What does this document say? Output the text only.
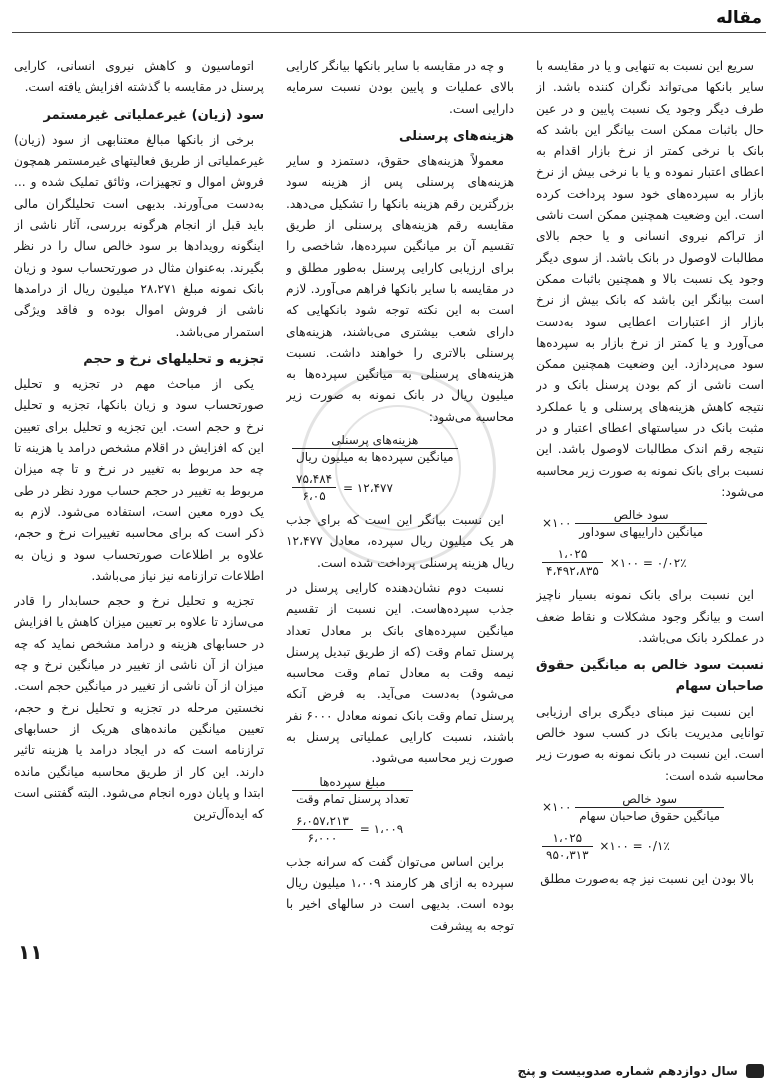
مقاله

سریع این نسبت به تنهایی و یا در مقایسه با سایر بانکها می‌تواند نگران کننده باشد. از طرف دیگر وجود یک نسبت پایین و در عین حال باثبات ممکن است بیانگر این باشد که بانک با نرخی کمتر از نرخ بازار اقدام به اعطای اعتبار نموده و یا با نرخی بیش از نرخ بازار به سپرده‌های خود سود پرداخت کرده است. این وضعیت همچنین ممکن است ناشی از تراکم نیروی انسانی و یا حجم بالای مطالبات لاوصول در بانک باشد. از سوی دیگر وجود یک نسبت بالا و همچنین باثبات ممکن است بیانگر این باشد که بانک بیش از نرخ بازار از اعتبارات اعطایی سود به‌دست می‌آورد و یا کمتر از نرخ بازار به سپرده‌ها سود می‌پردازد. این وضعیت همچنین ممکن است ناشی از کم بودن پرسنل بانک و در نتیجه کاهش هزینه‌های پرسنلی و یا عملکرد مثبت بانک در سیاستهای اعطای اعتبار و در نتیجه رقم اندک مطالبات لاوصول باشد. این نسبت برای بانک نمونه به صورت زیر محاسبه می‌شود:

×۱۰۰ $\frac{\text{سود خالص}}{\text{میانگین داراییهای سوداور}}$
$\frac{۱،۰۲۵}{۴،۴۹۲،۸۳۵}$ ×۱۰۰ = ۰/۰۲٪

این نسبت برای بانک نمونه بسیار ناچیز است و بیانگر وجود مشکلات و نقاط ضعف در عملکرد بانک می‌باشد.

نسبت سود خالص به میانگین حقوق صاحبان سهام

این نسبت نیز مبنای دیگری برای ارزیابی توانایی مدیریت بانک در کسب سود خالص است. این نسبت در بانک نمونه به صورت زیر محاسبه شده است:

×۱۰۰ $\frac{\text{سود خالص}}{\text{میانگین حقوق صاحبان سهام}}$
$\frac{۱،۰۲۵}{۹۵۰،۳۱۳}$ ×۱۰۰ = ۰/۱٪

بالا بودن این نسبت نیز چه به‌صورت مطلق

و چه در مقایسه با سایر بانکها بیانگر کارایی بالای عملیات و پایین بودن نسبت سرمایه دارایی است.

هزینه‌های پرسنلی

معمولاً هزینه‌های حقوق، دستمزد و سایر هزینه‌های پرسنلی پس از هزینه سود بزرگترین رقم هزینه بانکها را تشکیل می‌دهد. مقایسه رقم هزینه‌های پرسنلی از طریق تقسیم آن بر میانگین سپرده‌ها، شاخصی را برای ارزیابی کارایی پرسنل به‌طور مطلق و در مقایسه با سایر بانکها فراهم می‌آورد. لازم است به این نکته توجه شود بانکهایی که دارای شعب بیشتری می‌باشند، هزینه‌های پرسنلی بالاتری را خواهند داشت. نسبت هزینه‌های پرسنلی به میانگین سپرده‌ها به میلیون ریال در بانک نمونه به صورت زیر محاسبه می‌شود:

$\frac{\text{هزینه‌های پرسنلی}}{\text{میانگین سپرده‌ها به میلیون ریال}}$
$\frac{۷۵،۴۸۴}{۶،۰۵}$ = ۱۲،۴۷۷

این نسبت بیانگر این است که برای جذب هر یک میلیون ریال سپرده، معادل ۱۲،۴۷۷ ریال هزینه پرسنلی پرداخت شده است.

نسبت دوم نشان‌دهنده کارایی پرسنل در جذب سپرده‌هاست. این نسبت از تقسیم میانگین سپرده‌های بانک بر معادل تعداد پرسنل تمام وقت (که از طریق تبدیل پرسنل نیمه وقت به معادل تمام وقت محاسبه می‌شود) به‌دست می‌آید. به فرض آنکه پرسنل تمام وقت بانک نمونه معادل ۶۰۰۰ نفر باشند، نسبت کارایی عملیاتی پرسنل به صورت زیر محاسبه می‌شود.

$\frac{\text{مبلغ سپرده‌ها}}{\text{تعداد پرسنل تمام وقت}}$
$\frac{۶،۰۵۷،۲۱۳}{۶،۰۰۰}$ = ۱،۰۰۹

براین اساس می‌توان گفت که سرانه جذب سپرده به ازای هر کارمند ۱،۰۰۹ میلیون ریال بوده است. بدیهی است در سالهای اخیر با توجه به پیشرفت

اتوماسیون و کاهش نیروی انسانی، کارایی پرسنل در مقایسه با گذشته افزایش یافته است.

سود (زیان) غیرعملیاتی غیرمستمر

برخی از بانکها مبالغ معتنابهی از سود (زیان) غیرعملیاتی از طریق فعالیتهای غیرمستمر همچون فروش اموال و تجهیزات، وثائق تملیک شده و ... به‌دست می‌آورند. بدیهی است تحلیلگران مالی باید قبل از انجام هرگونه بررسی، آثار ناشی از اینگونه رویدادها بر سود خالص سال را در نظر بگیرند. به‌عنوان مثال در صورتحساب سود و زیان بانک نمونه مبلغ ۲۸،۲۷۱ میلیون ریال از درامدها ناشی از فروش اموال بوده و فاقد ویژگی استمرار می‌باشد.

تجزیه و تحلیلهای نرخ و حجم

یکی از مباحث مهم در تجزیه و تحلیل صورتحساب سود و زیان بانکها، تجزیه و تحلیل نرخ و حجم است. این تجزیه و تحلیل برای تعیین این که افزایش در اقلام مشخص درامد یا هزینه تا چه حد مربوط به تغییر در نرخ و تا چه میزان مربوط به تغییر در حجم حساب مورد نظر در طی یک دوره معین است، استفاده می‌شود. لازم به ذکر است که برای محاسبه تغییرات نرخ و حجم، علاوه بر اطلاعات صورتحساب سود و زیان به اطلاعات ترازنامه نیز نیاز می‌باشد.

تجزیه و تحلیل نرخ و حجم حسابدار را قادر می‌سازد تا علاوه بر تعیین میزان کاهش یا افزایش در حسابهای هزینه و درامد مشخص نماید که چه میزان از آن ناشی از تغییر در میانگین نرخ و چه میزان از آن ناشی از تغییر در میانگین حجم است. نخستین مرحله در تجزیه و تحلیل نرخ و حجم، تعیین میانگین مانده‌های هریک از حسابهای ترازنامه است که در ایجاد درامد یا هزینه تاثیر دارند. این کار از طریق محاسبه میانگین مانده ابتدا و پایان دوره انجام می‌شود. البته گفتنی است که ایده‌آل‌ترین

۱۱
سال دوازدهم شماره صدوبیست و پنج
